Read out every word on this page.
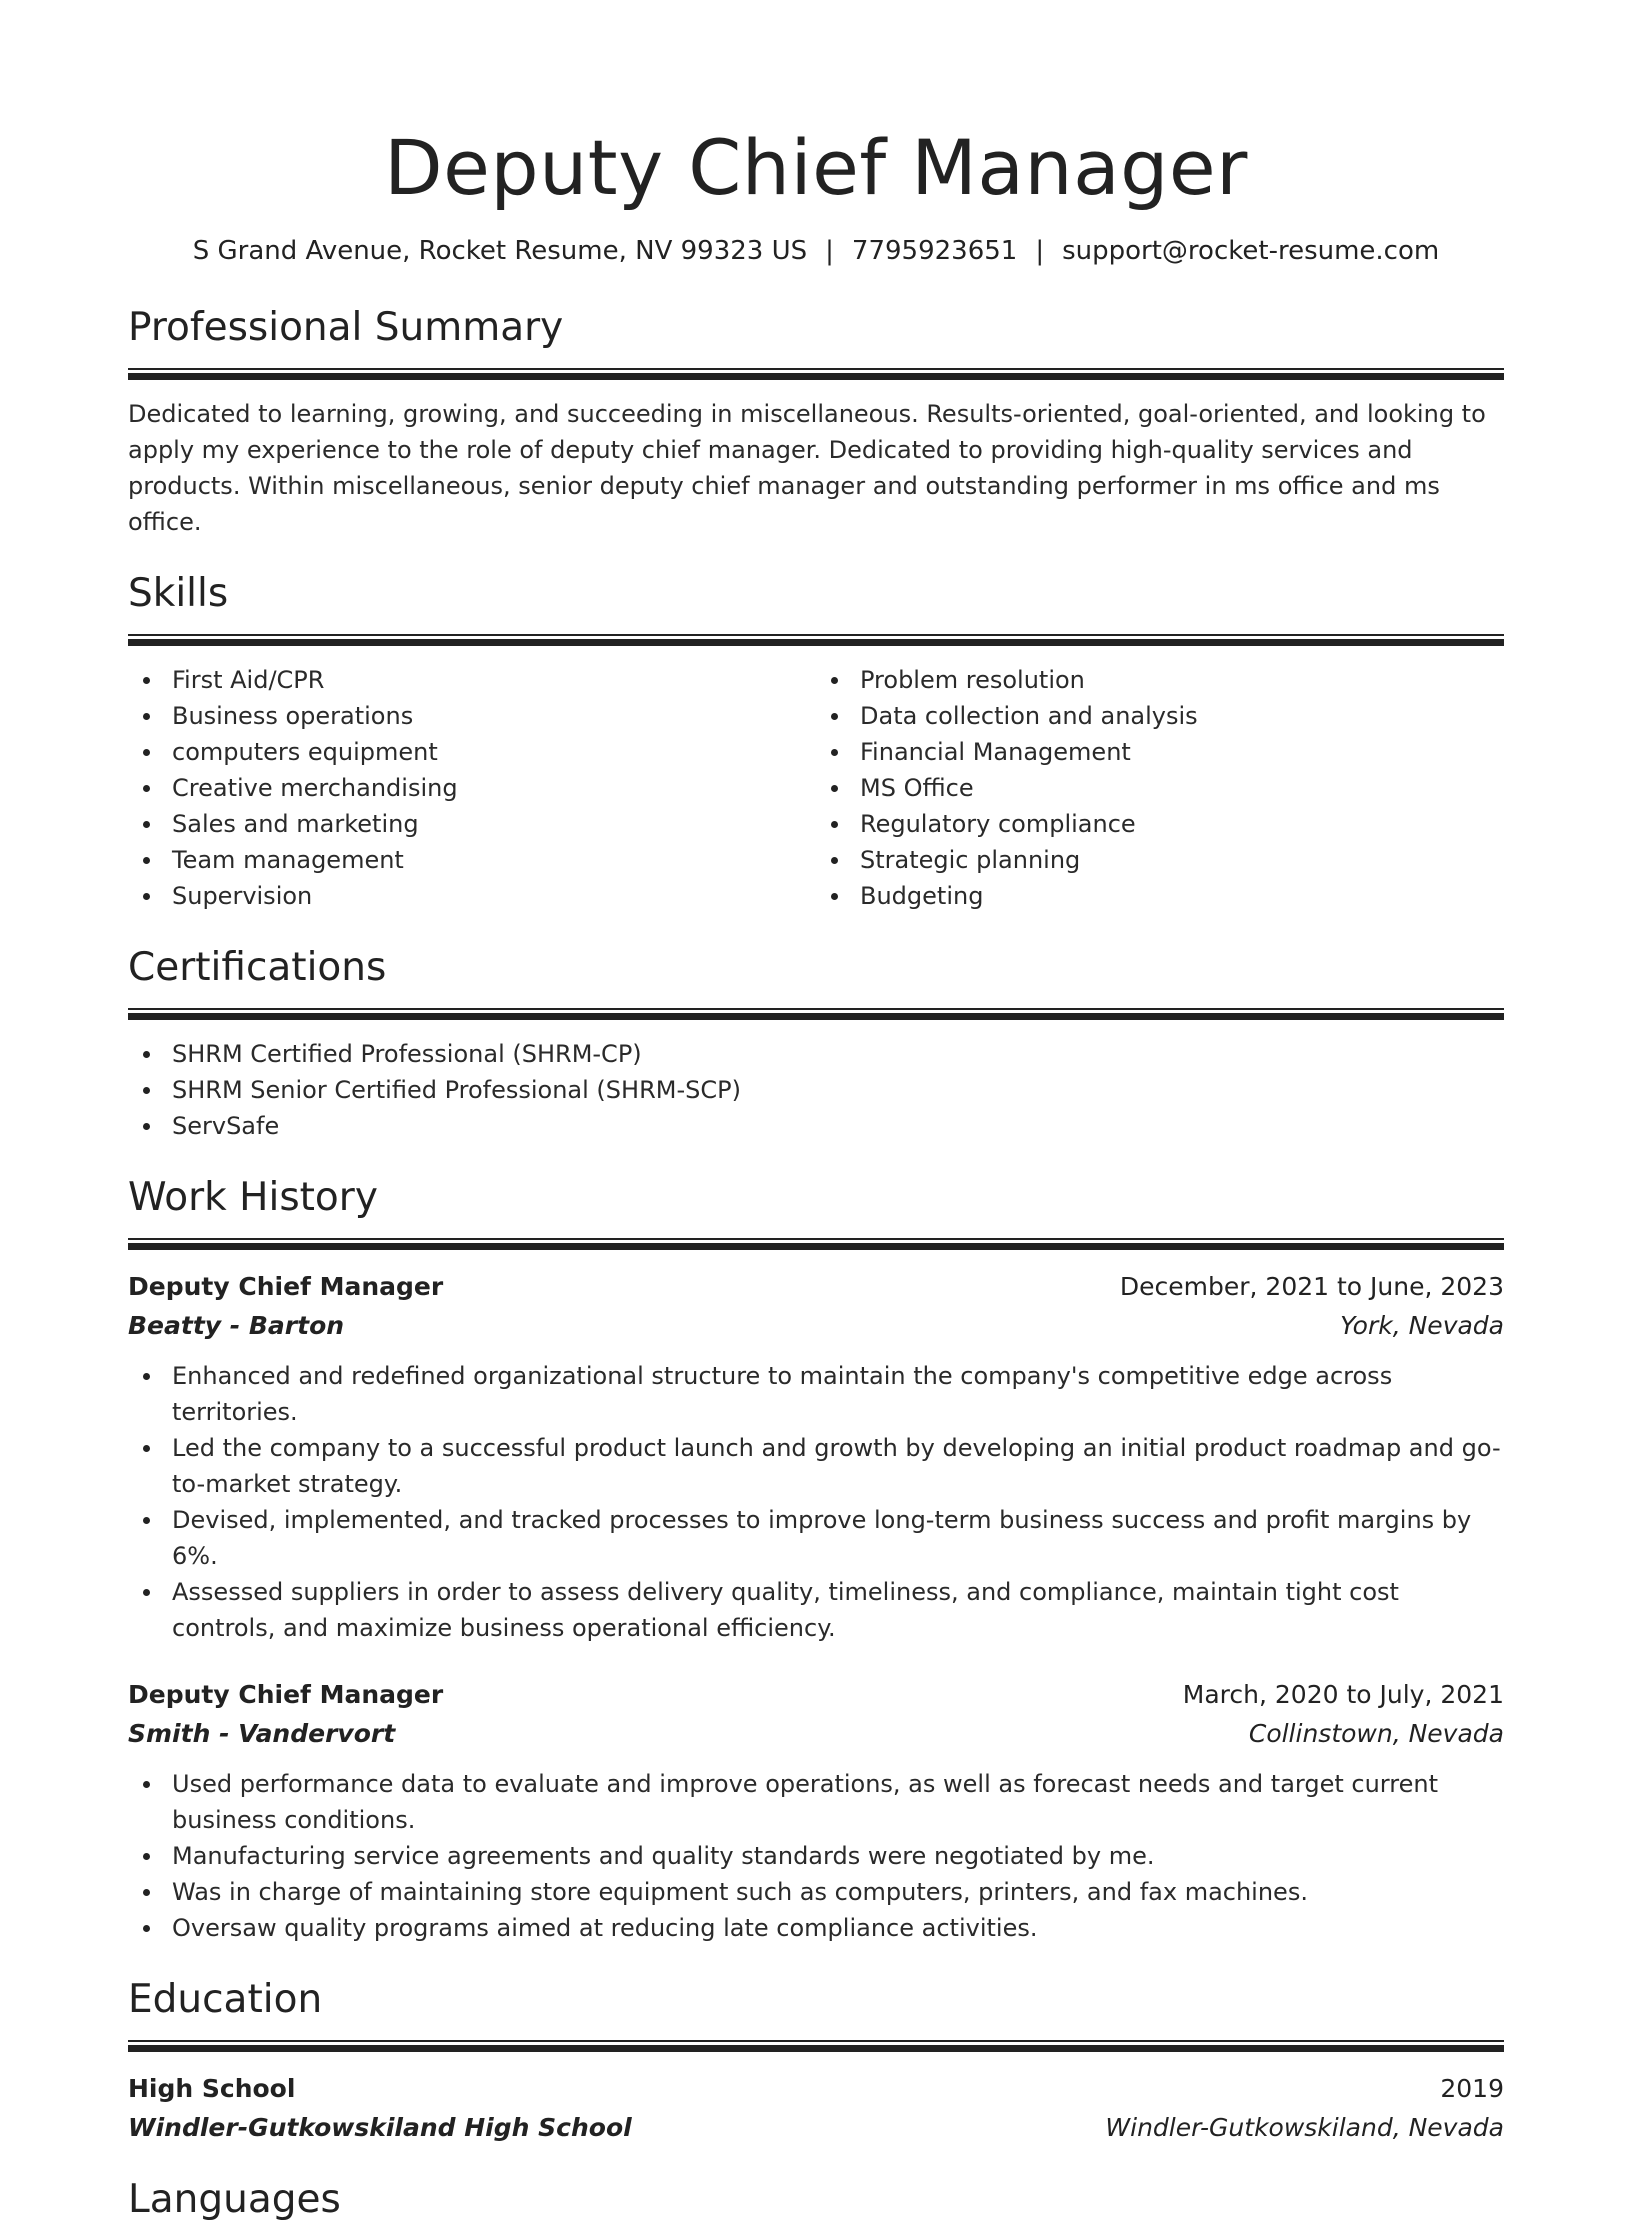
Deputy Chief Manager
S Grand Avenue, Rocket Resume, NV 99323 US | 7795923651 | support@rocket-resume.com
Professional Summary

Dedicated to learning, growing, and succeeding in miscellaneous. Results-oriented, goal-oriented, and looking to apply my experience to the role of deputy chief manager. Dedicated to providing high-quality services and products. Within miscellaneous, senior deputy chief manager and outstanding performer in ms office and ms office.

Skills
First Aid/CPR
Business operations
computers equipment
Creative merchandising
Sales and marketing
Team management
Supervision
Problem resolution
Data collection and analysis
Financial Management
MS Office
Regulatory compliance
Strategic planning
Budgeting
Certifications
SHRM Certified Professional (SHRM-CP)
SHRM Senior Certified Professional (SHRM-SCP)
ServSafe
Work History
Deputy Chief Manager	December, 2021 to June, 2023
Beatty - Barton	York, Nevada
Enhanced and redefined organizational structure to maintain the company's competitive edge across territories.
Led the company to a successful product launch and growth by developing an initial product roadmap and go-to-market strategy.
Devised, implemented, and tracked processes to improve long-term business success and profit margins by 6%.
Assessed suppliers in order to assess delivery quality, timeliness, and compliance, maintain tight cost controls, and maximize business operational efficiency.
Deputy Chief Manager	March, 2020 to July, 2021
Smith - Vandervort	Collinstown, Nevada
Used performance data to evaluate and improve operations, as well as forecast needs and target current business conditions.
Manufacturing service agreements and quality standards were negotiated by me.
Was in charge of maintaining store equipment such as computers, printers, and fax machines.
Oversaw quality programs aimed at reducing late compliance activities.
Education
High School	2019
Windler-Gutkowskiland High School	Windler-Gutkowskiland, Nevada
Languages
